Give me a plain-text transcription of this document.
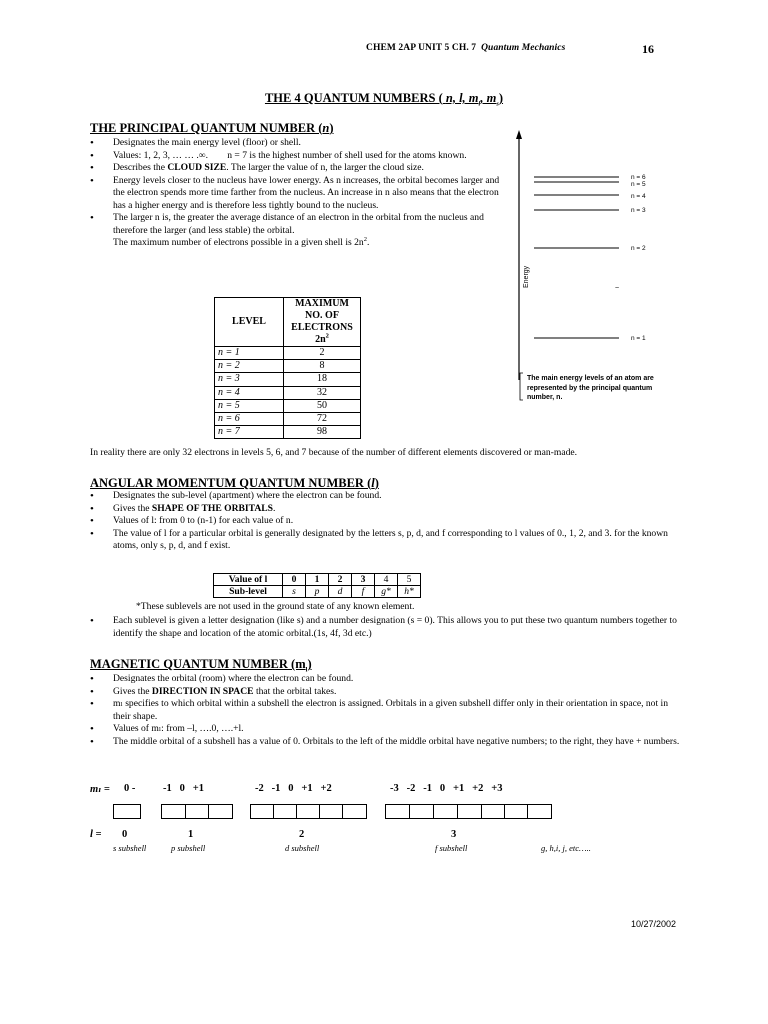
CHEM 2AP UNIT 5 CH. 7 Quantum Mechanics	16
THE 4 QUANTUM NUMBERS ( n, l, $m_l$, $m_s$)
THE PRINCIPAL QUANTUM NUMBER (n)
• Designates the main energy level (floor) or shell.
• Values: 1, 2, 3, … … .∞. n = 7 is the highest number of shell used for the atoms known.
• Describes the CLOUD SIZE. The larger the value of n, the larger the cloud size.
• Energy levels closer to the nucleus have lower energy. As n increases, the orbital becomes larger and the electron spends more time farther from the nucleus. An increase in n also means that the electron has a higher energy and is therefore less tightly bound to the nucleus.
• The larger n is, the greater the average distance of an electron in the orbital from the nucleus and therefore the larger (and less stable) the orbital.
The maximum number of electrons possible in a given shell is $2n^2$.
LEVEL	MAXIMUM NO. OF ELECTRONS
$2n^2$
n = 1	2
n = 2	8
n = 3	18
n = 4	32
n = 5	50
n = 6	72
n = 7	98
Energy
n = 6
n = 5
n = 4
n = 3
n = 2
n = 1
~
The main energy levels of an atom are represented by the principal quantum number, n.
In reality there are only 32 electrons in levels 5, 6, and 7 because of the number of different elements discovered or man-made.
ANGULAR MOMENTUM QUANTUM NUMBER (l)
• Designates the sub-level (apartment) where the electron can be found.
• Gives the SHAPE OF THE ORBITALS.
• Values of l: from 0 to (n-1) for each value of n.
• The value of l for a particular orbital is generally designated by the letters s, p, d, and f corresponding to l values of 0., 1, 2, and 3. for the known atoms, only s, p, d, and f exist.
Value of l	0	1	2	3	4	5
Sub-level	s	p	d	f	g*	h*
*These sublevels are not used in the ground state of any known element.
• Each sublevel is given a letter designation (like s) and a number designation (s = 0). This allows you to put these two quantum numbers together to identify the shape and location of the atomic orbital.(1s, 4f, 3d etc.)
MAGNETIC QUANTUM NUMBER $(m_l)$
• Designates the orbital (room) where the electron can be found.
• Gives the DIRECTION IN SPACE that the orbital takes.
• mₗ specifies to which orbital within a subshell the electron is assigned. Orbitals in a given subshell differ only in their orientation in space, not in their shape.
• Values of mₗ: from –l, ….0, ….+l.
• The middle orbital of a subshell has a value of 0. Orbitals to the left of the middle orbital have negative numbers; to the right, they have + numbers.
mₗ = 0 -	-1   0   +1	-2   -1   0   +1   +2	-3   -2   -1   0   +1   +2   +3
l = 0	1	2	3
s subshell	p subshell	d subshell	f subshell	g, h,i, j, etc…..
10/27/2002
